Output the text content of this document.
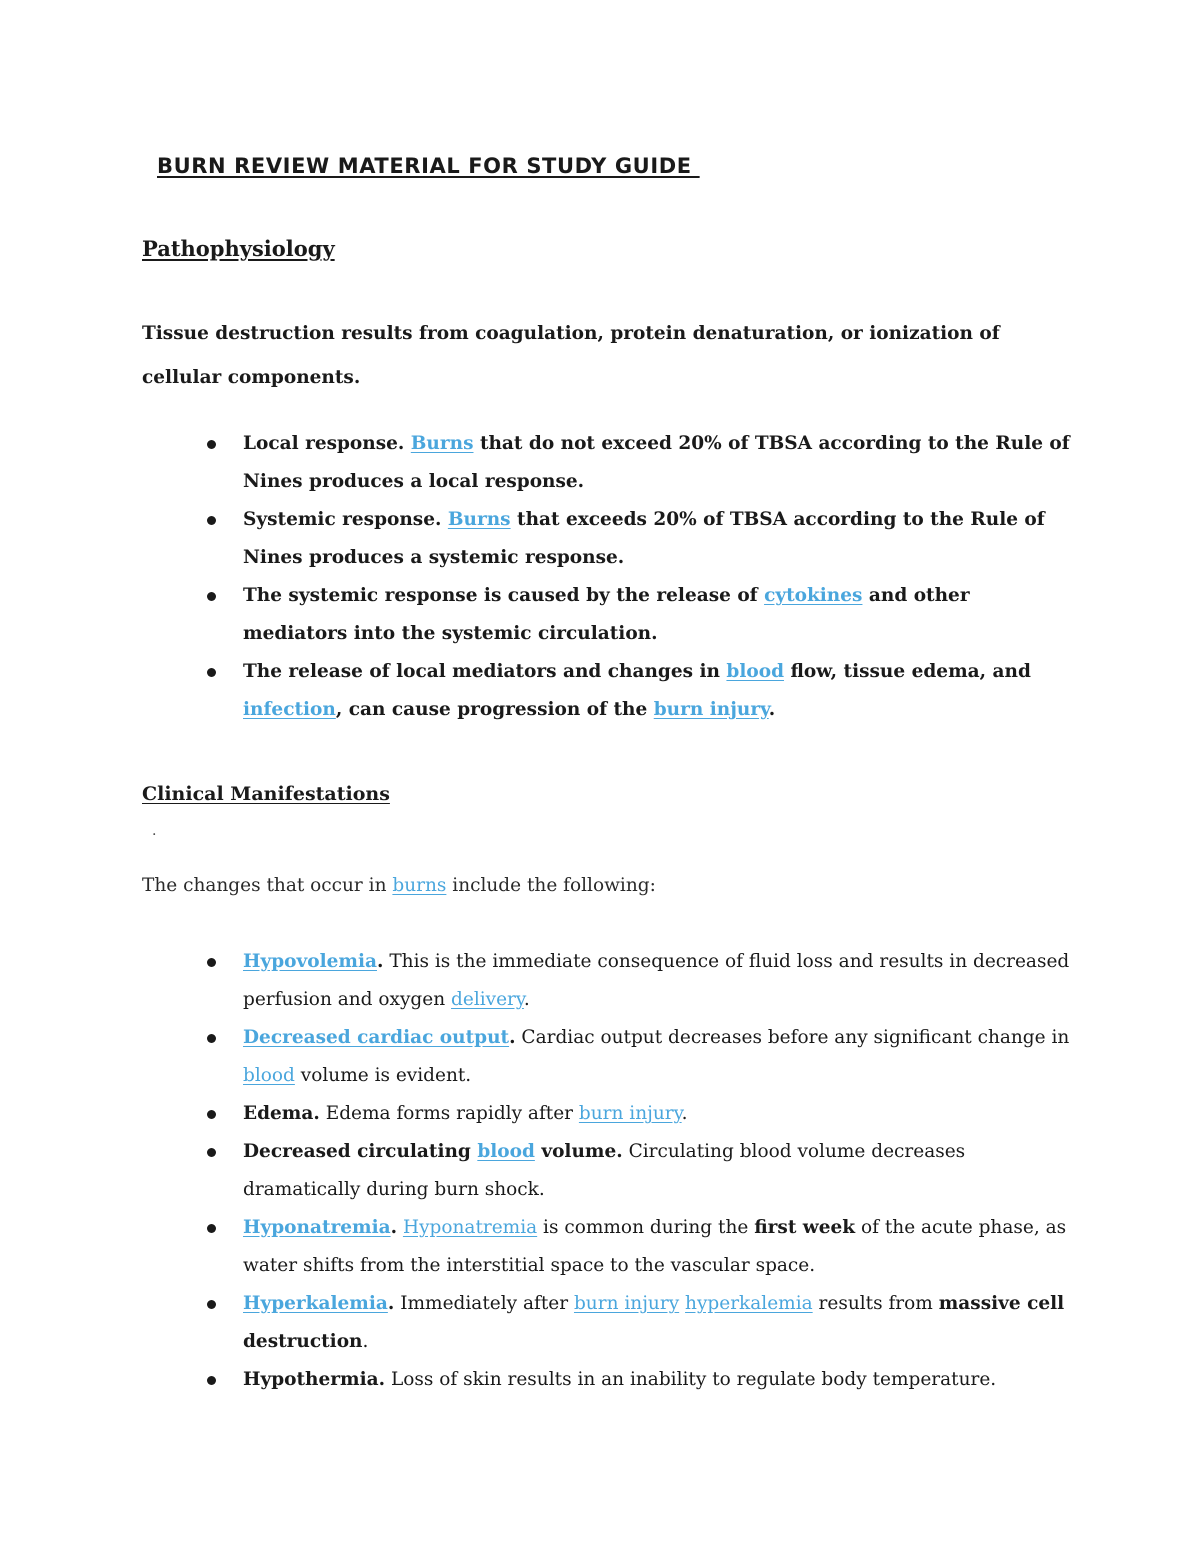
BURN REVIEW MATERIAL FOR STUDY GUIDE
Pathophysiology
Tissue destruction results from coagulation, protein denaturation, or ionization of cellular components.
Local response. Burns that do not exceed 20% of TBSA according to the Rule of Nines produces a local response.
Systemic response. Burns that exceeds 20% of TBSA according to the Rule of Nines produces a systemic response.
The systemic response is caused by the release of cytokines and other mediators into the systemic circulation.
The release of local mediators and changes in blood flow, tissue edema, and infection, can cause progression of the burn injury.
Clinical Manifestations
.
The changes that occur in burns include the following:
Hypovolemia. This is the immediate consequence of fluid loss and results in decreased perfusion and oxygen delivery.
Decreased cardiac output. Cardiac output decreases before any significant change in blood volume is evident.
Edema. Edema forms rapidly after burn injury.
Decreased circulating blood volume. Circulating blood volume decreases dramatically during burn shock.
Hyponatremia. Hyponatremia is common during the first week of the acute phase, as water shifts from the interstitial space to the vascular space.
Hyperkalemia. Immediately after burn injury hyperkalemia results from massive cell destruction.
Hypothermia. Loss of skin results in an inability to regulate body temperature.
